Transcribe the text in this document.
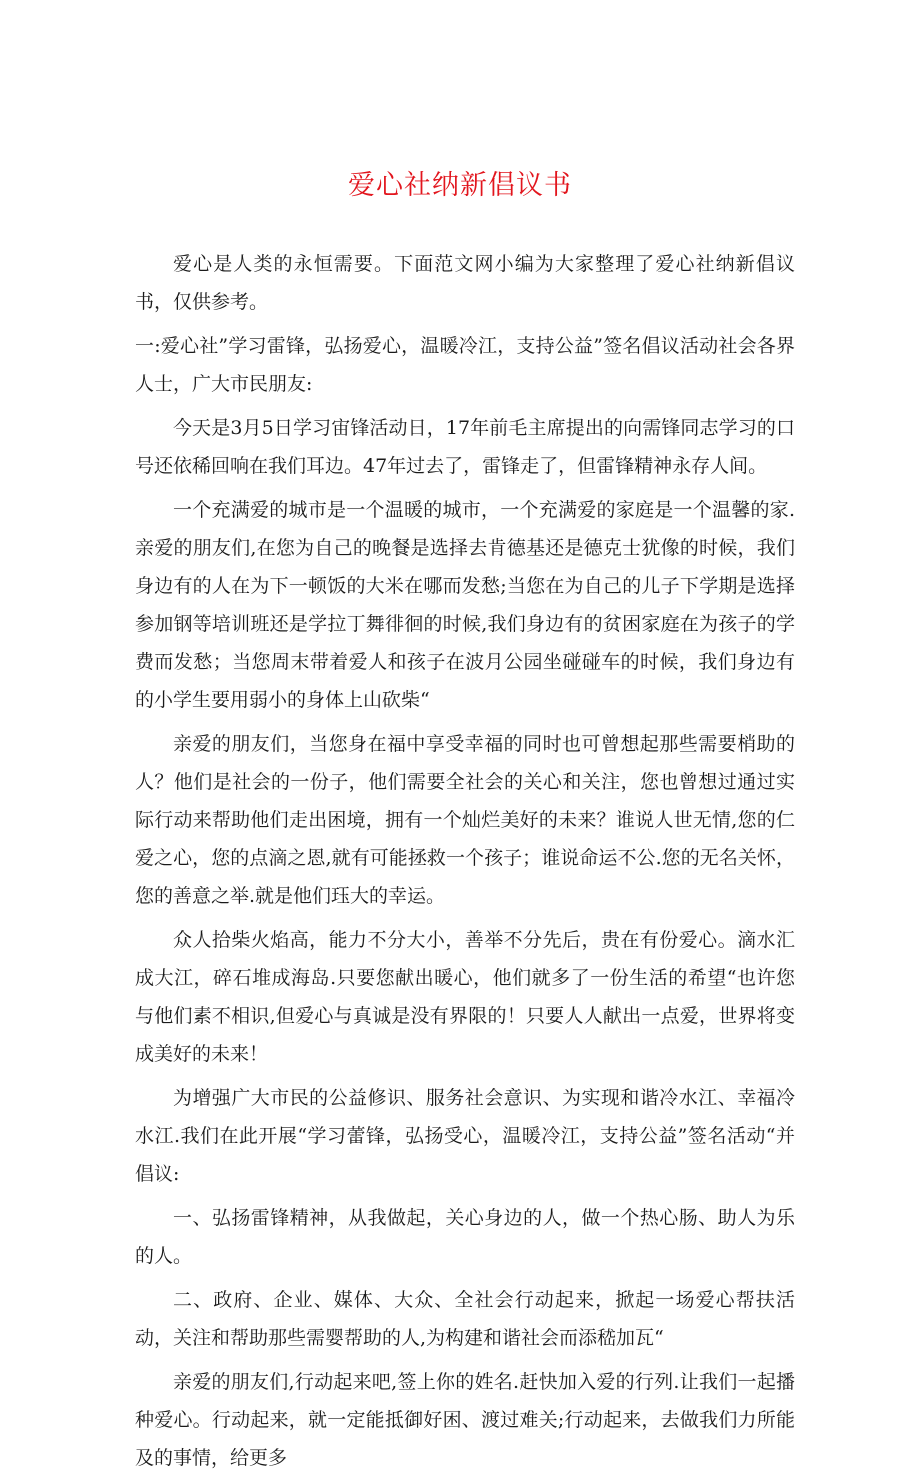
爱心社纳新倡议书

爱心是人类的永恒需要。下面范文网小编为大家整理了爱心社纳新倡议书，仅供参考。

一:爱心社”学习雷锋，弘扬爱心，温暖冷江，支持公益”签名倡议活动社会各界人士，广大市民朋友:

今天是3月5日学习宙锋活动日，17年前毛主席提出的向需锋同志学习的口号还依稀回响在我们耳边。47年过去了，雷锋走了，但雷锋精神永存人间。

一个充满爱的城市是一个温暖的城市，一个充满爱的家庭是一个温馨的家.亲爱的朋友们,在您为自己的晚餐是选择去肯德基还是德克士犹像的时候，我们身边有的人在为下一顿饭的大米在哪而发愁;当您在为自己的儿子下学期是选择参加钢等培训班还是学拉丁舞徘徊的时候,我们身边有的贫困家庭在为孩子的学费而发愁；当您周末带着爱人和孩子在波月公园坐碰碰车的时候，我们身边有的小学生要用弱小的身体上山砍柴“

亲爱的朋友们，当您身在福中享受幸福的同时也可曾想起那些需要梢助的人？他们是社会的一份子，他们需要全社会的关心和关注，您也曾想过通过实际行动来帮助他们走出困境，拥有一个灿烂美好的未来？谁说人世无情,您的仁爱之心，您的点滴之恩,就有可能拯救一个孩子；谁说命运不公.您的无名关怀，您的善意之举.就是他们珏大的幸运。

众人拾柴火焰高，能力不分大小，善举不分先后，贵在有份爱心。滴水汇成大江，碎石堆成海岛.只要您献出暖心，他们就多了一份生活的希望“也许您与他们素不相识,但爱心与真诚是没有界限的！只要人人献出一点爱，世界将变成美好的未来！

为增强广大市民的公益修识、服务社会意识、为实现和谐冷水江、幸福冷水江.我们在此开展“学习蕾锋，弘扬受心，温暖冷江，支持公益”签名活动“并倡议:

一、弘扬雷锋精神，从我做起，关心身边的人，做一个热心肠、助人为乐的人。

二、政府、企业、媒体、大众、全社会行动起来，掀起一场爱心帮扶活动，关注和帮助那些需婴帮助的人,为构建和谐社会而添嵇加瓦“

亲爱的朋友们,行动起来吧,签上你的姓名.赶快加入爱的行列.让我们一起播种爱心。行动起来，就一定能抵御好困、渡过难关;行动起来，去做我们力所能及的事情，给更多
